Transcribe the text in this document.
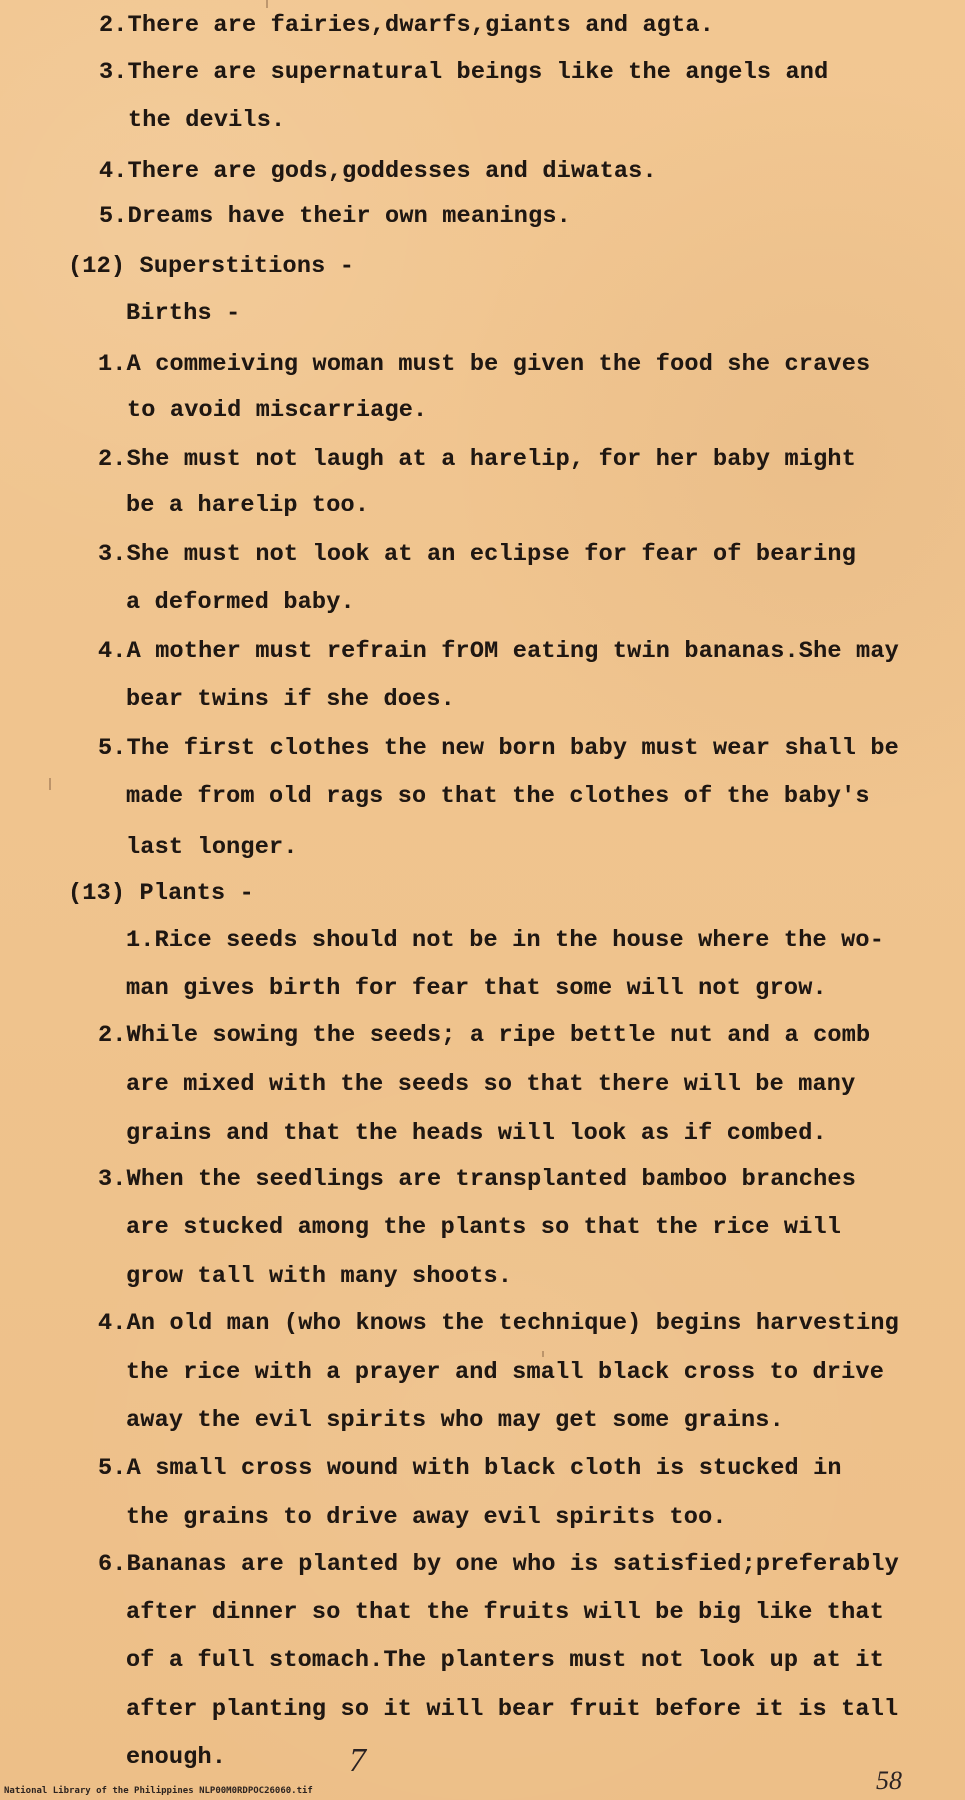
2.There are fairies,dwarfs,giants and agta.
3.There are supernatural beings like the angels and
the devils.
4.There are gods,goddesses and diwatas.
5.Dreams have their own meanings.
(12) Superstitions -
Births -
1.A commeiving woman must be given the food she craves
to avoid miscarriage.
2.She must not laugh at a harelip, for her baby might
be a harelip too.
3.She must not look at an eclipse for fear of bearing
a deformed baby.
4.A mother must refrain frOM eating twin bananas.She may
bear twins if she does.
5.The first clothes the new born baby must wear shall be
made from old rags so that the clothes of the baby's
last longer.
(13) Plants -
1.Rice seeds should not be in the house where the wo-
man gives birth for fear that some will not grow.
2.While sowing the seeds; a ripe bettle nut and a comb
are mixed with the seeds so that there will be many
grains and that the heads will look as if combed.
3.When the seedlings are transplanted bamboo branches
are stucked among the plants so that the rice will
grow tall with many shoots.
4.An old man (who knows the technique) begins harvesting
the rice with a prayer and small black cross to drive
away the evil spirits who may get some grains.
5.A small cross wound with black cloth is stucked in
the grains to drive away evil spirits too.
6.Bananas are planted by one who is satisfied;preferably
after dinner so that the fruits will be big like that
of a full stomach.The planters must not look up at it
after planting so it will bear fruit before it is tall
enough.
National Library of the Philippines NLP00M0RDPOC26060.tif
7
58
